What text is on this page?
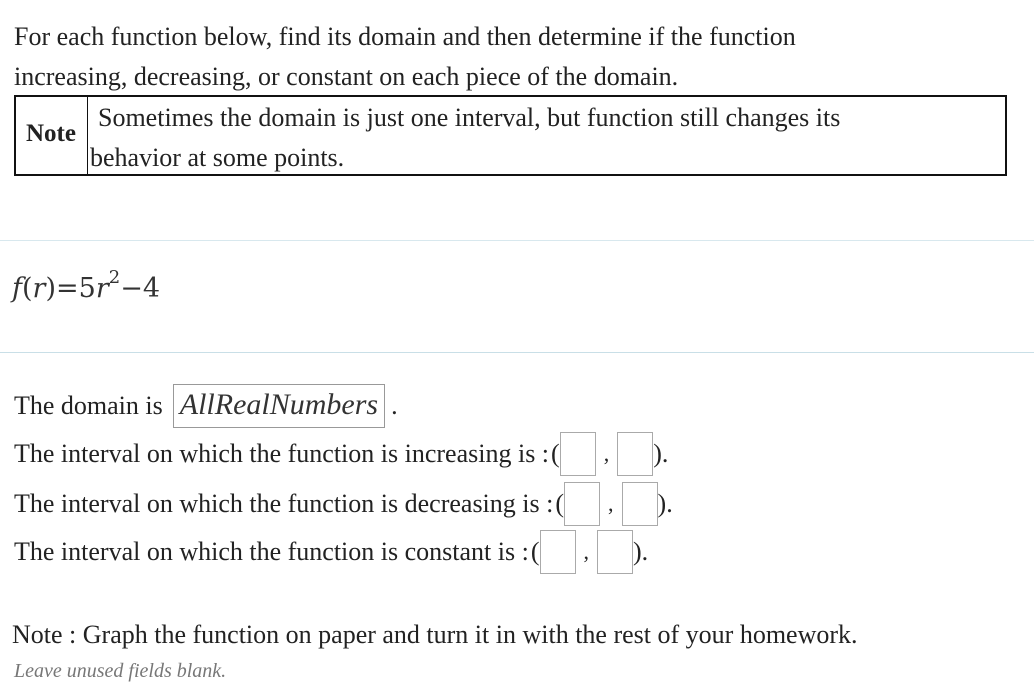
For each function below, find its domain and then determine if the function
increasing, decreasing, or constant on each piece of the domain.
Note
Sometimes the domain is just one interval, but function still changes its
behavior at some points.
$f(r)=5r^2-4$
The domain is AllRealNumbers .
The interval on which the function is increasing is : ( , ).
The interval on which the function is decreasing is : ( , ).
The interval on which the function is constant is : ( , ).
Note : Graph the function on paper and turn it in with the rest of your homework.
Leave unused fields blank.
